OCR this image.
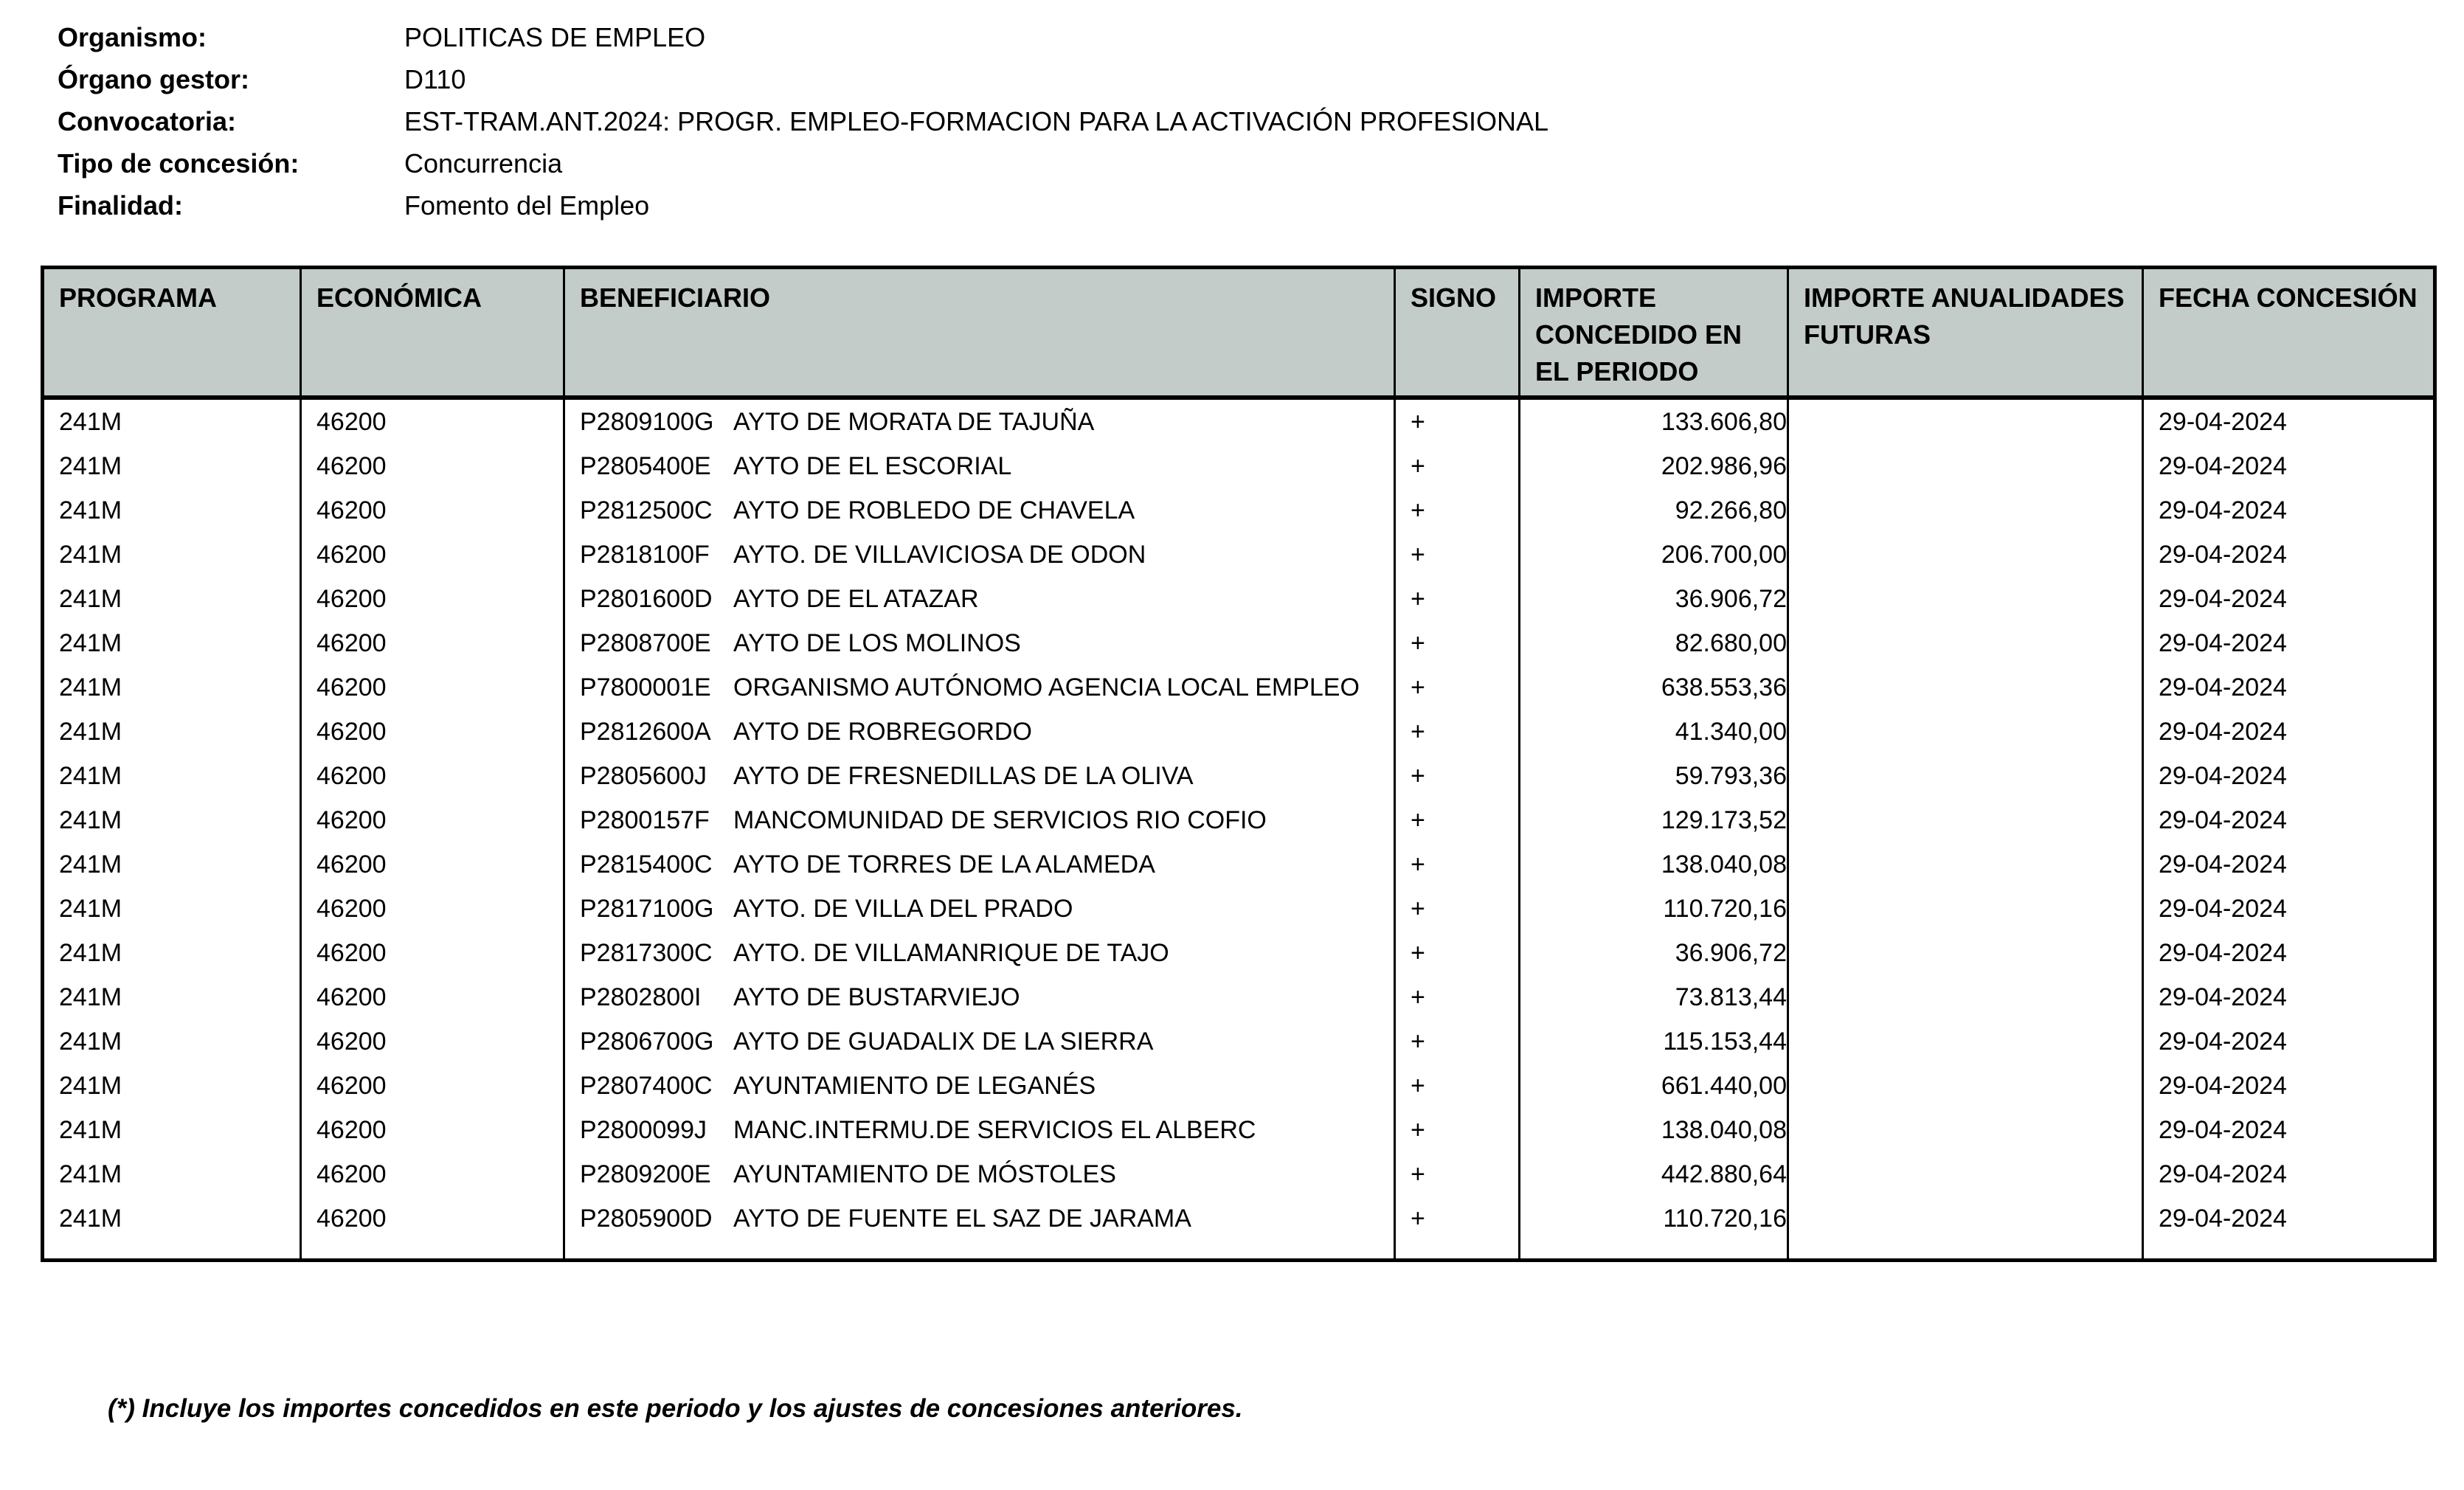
Organismo:	POLITICAS DE EMPLEO
Órgano gestor:	D110
Convocatoria:	EST-TRAM.ANT.2024: PROGR. EMPLEO-FORMACION PARA LA ACTIVACIÓN PROFESIONAL
Tipo de concesión:	Concurrencia
Finalidad:	Fomento del Empleo
PROGRAMA	ECONÓMICA	BENEFICIARIO	SIGNO	IMPORTE CONCEDIDO EN EL PERIODO	IMPORTE ANUALIDADES FUTURAS	FECHA CONCESIÓN
241M	46200	P2809100G AYTO DE MORATA DE TAJUÑA	+	133.606,80		29-04-2024
241M	46200	P2805400E AYTO DE EL ESCORIAL	+	202.986,96		29-04-2024
241M	46200	P2812500C AYTO DE ROBLEDO DE CHAVELA	+	92.266,80		29-04-2024
241M	46200	P2818100F AYTO. DE VILLAVICIOSA DE ODON	+	206.700,00		29-04-2024
241M	46200	P2801600D AYTO DE EL ATAZAR	+	36.906,72		29-04-2024
241M	46200	P2808700E AYTO DE LOS MOLINOS	+	82.680,00		29-04-2024
241M	46200	P7800001E ORGANISMO AUTÓNOMO AGENCIA LOCAL EMPLEO	+	638.553,36		29-04-2024
241M	46200	P2812600A AYTO DE ROBREGORDO	+	41.340,00		29-04-2024
241M	46200	P2805600J AYTO DE FRESNEDILLAS DE LA OLIVA	+	59.793,36		29-04-2024
241M	46200	P2800157F MANCOMUNIDAD DE SERVICIOS RIO COFIO	+	129.173,52		29-04-2024
241M	46200	P2815400C AYTO DE TORRES DE LA ALAMEDA	+	138.040,08		29-04-2024
241M	46200	P2817100G AYTO. DE VILLA DEL PRADO	+	110.720,16		29-04-2024
241M	46200	P2817300C AYTO. DE VILLAMANRIQUE DE TAJO	+	36.906,72		29-04-2024
241M	46200	P2802800I AYTO DE BUSTARVIEJO	+	73.813,44		29-04-2024
241M	46200	P2806700G AYTO DE GUADALIX DE LA SIERRA	+	115.153,44		29-04-2024
241M	46200	P2807400C AYUNTAMIENTO DE LEGANÉS	+	661.440,00		29-04-2024
241M	46200	P2800099J MANC.INTERMU.DE SERVICIOS EL ALBERC	+	138.040,08		29-04-2024
241M	46200	P2809200E AYUNTAMIENTO DE MÓSTOLES	+	442.880,64		29-04-2024
241M	46200	P2805900D AYTO DE FUENTE EL SAZ DE JARAMA	+	110.720,16		29-04-2024
(*) Incluye los importes concedidos en este periodo y los ajustes de concesiones anteriores.
